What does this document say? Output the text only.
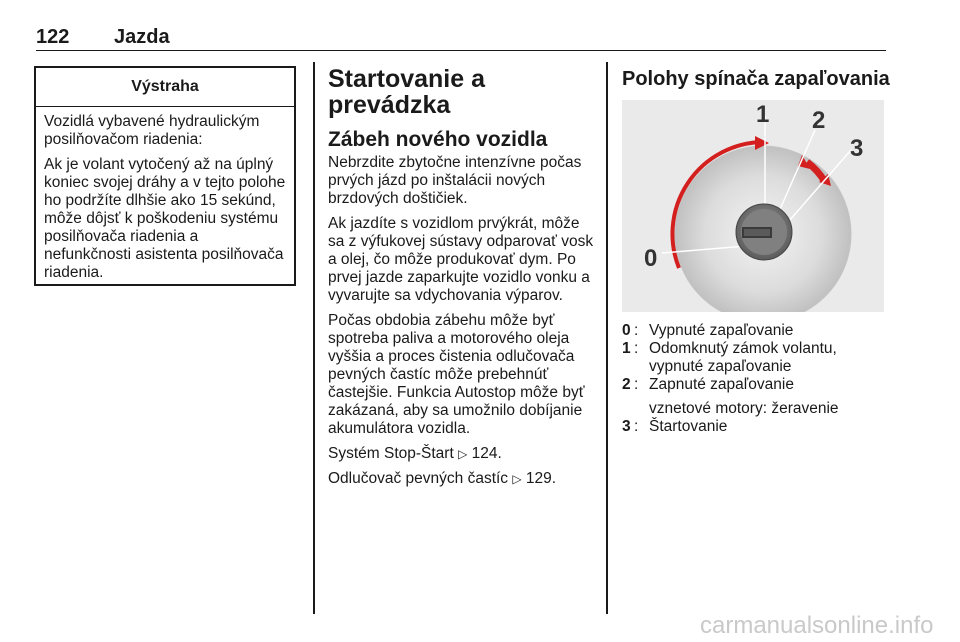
122 Jazda
Výstraha

Vozidlá vybavené hydraulickým posilňovačom riadenia:

Ak je volant vytočený až na úplný koniec svojej dráhy a v tejto polohe ho podržíte dlhšie ako 15 sekúnd, môže dôjsť k poškodeniu systému posilňovača riadenia a nefunkčnosti asistenta posilňovača riadenia.

Startovanie a prevádzka
Zábeh nového vozidla

Nebrzdite zbytočne intenzívne počas prvých jázd po inštalácii nových brzdových doštičiek.

Ak jazdíte s vozidlom prvýkrát, môže sa z výfukovej sústavy odparovať vosk a olej, čo môže produkovať dym. Po prvej jazde zaparkujte vozidlo vonku a vyvarujte sa vdychovania výparov.

Počas obdobia zábehu môže byť spotreba paliva a motorového oleja vyššia a proces čistenia odlučovača pevných častíc môže prebehnúť častejšie. Funkcia Autostop môže byť zakázaná, aby sa umožnilo dobíjanie akumulátora vozidla.

Systém Stop-Štart ▷ 124.

Odlučovač pevných častíc ▷ 129.

Polohy spínača zapaľovania
0
1 2
3
0 : Vypnuté zapaľovanie
1 : Odomknutý zámok volantu, vypnuté zapaľovanie
2 : Zapnuté zapaľovanie
vznetové motory: žeravenie
3 : Štartovanie
carmanualsonline.info
